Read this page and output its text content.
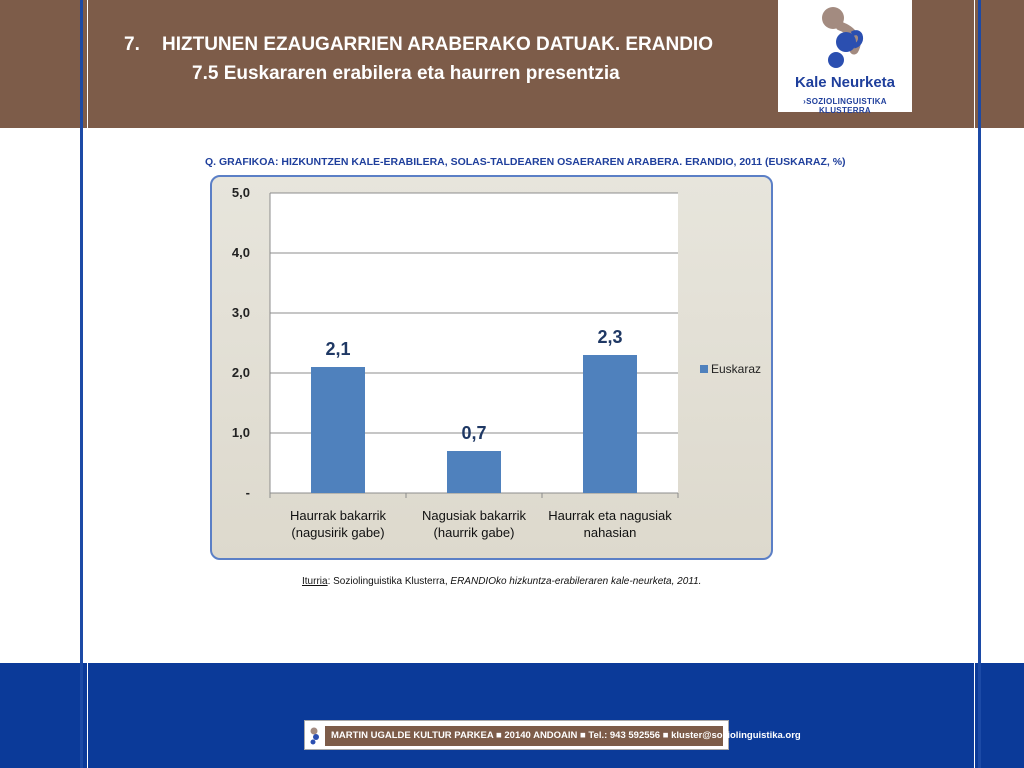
7. HIZTUNEN EZAUGARRIEN ARABERAKO DATUAK. ERANDIO
7.5 Euskararen erabilera eta haurren presentzia	Kale Neurketa
›SOZIOLINGUISTIKA KLUSTERRA
Q. GRAFIKOA: HIZKUNTZEN KALE-ERABILERA, SOLAS-TALDEAREN OSAERAREN ARABERA. ERANDIO, 2011 (EUSKARAZ, %)
-
1,0
2,0
3,0
4,0
5,0
2,1
Haurrak bakarrik
(nagusirik gabe)
0,7
Nagusiak bakarrik
(haurrik gabe)
2,3
Haurrak eta nagusiak
nahasian
Euskaraz
Iturria: Soziolinguistika Klusterra, ERANDIOko hizkuntza-erabileraren kale-neurketa, 2011.
MARTIN UGALDE KULTUR PARKEA ■ 20140 ANDOAIN ■ Tel.: 943 592556 ■ kluster@soziolinguistika.org
